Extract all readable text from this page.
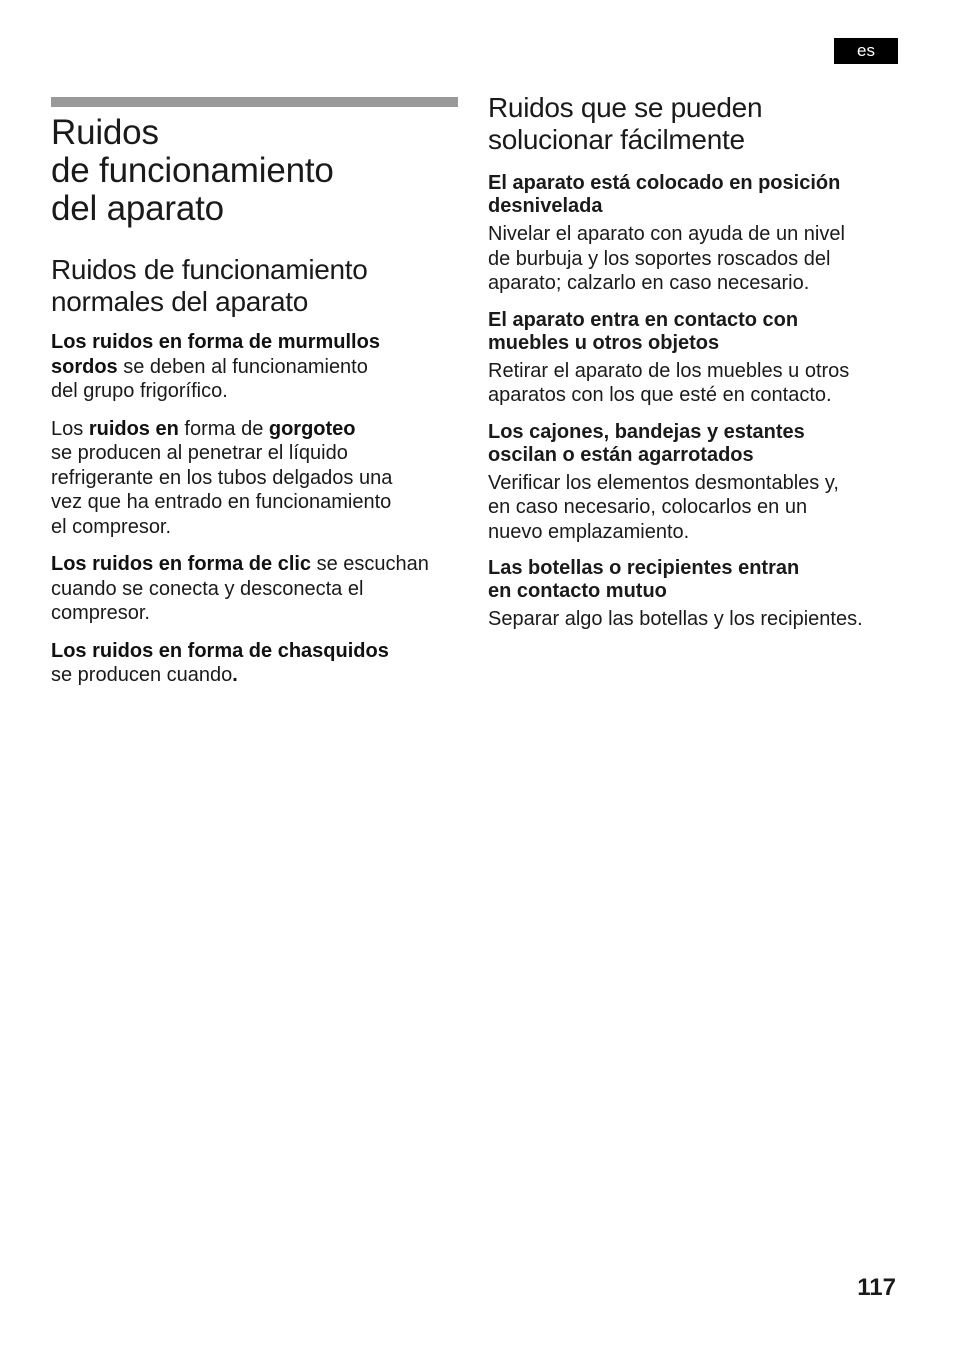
es
Ruidos
de funcionamiento
del aparato
Ruidos de funcionamiento
normales del aparato

Los ruidos en forma de murmullos
sordos se deben al funcionamiento
del grupo frigorífico.

Los ruidos en forma de gorgoteo
se producen al penetrar el líquido
refrigerante en los tubos delgados una
vez que ha entrado en funcionamiento
el compresor.

Los ruidos en forma de clic se escuchan
cuando se conecta y desconecta el
compresor.

Los ruidos en forma de chasquidos
se producen cuando.

Ruidos que se pueden
solucionar fácilmente
El aparato está colocado en posición
desnivelada

Nivelar el aparato con ayuda de un nivel
de burbuja y los soportes roscados del
aparato; calzarlo en caso necesario.

El aparato entra en contacto con
muebles u otros objetos

Retirar el aparato de los muebles u otros
aparatos con los que esté en contacto.

Los cajones, bandejas y estantes
oscilan o están agarrotados

Verificar los elementos desmontables y,
en caso necesario, colocarlos en un
nuevo emplazamiento.

Las botellas o recipientes entran
en contacto mutuo

Separar algo las botellas y los recipientes.

117
